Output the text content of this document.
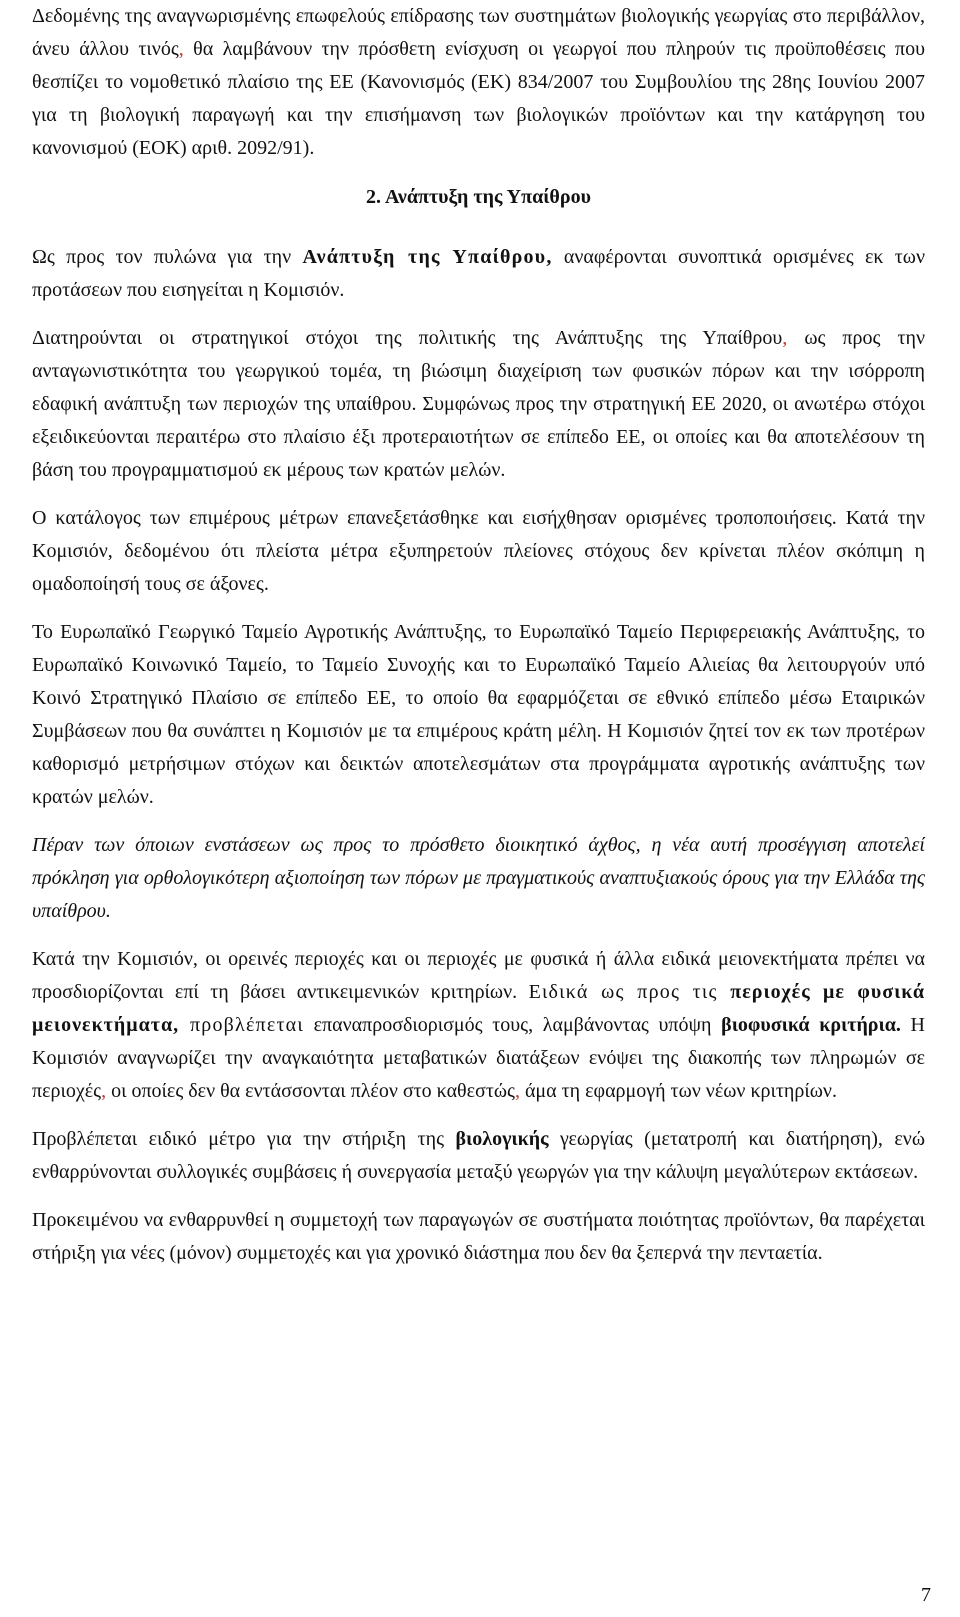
Δεδομένης της αναγνωρισμένης επωφελούς επίδρασης των συστημάτων βιολογικής γεωργίας στο περιβάλλον, άνευ άλλου τινός, θα λαμβάνουν την πρόσθετη ενίσχυση οι γεωργοί που πληρούν τις προϋποθέσεις που θεσπίζει το νομοθετικό πλαίσιο της ΕΕ (Κανονισμός (ΕΚ) 834/2007 του Συμβουλίου της 28ης Ιουνίου 2007 για τη βιολογική παραγωγή και την επισήμανση των βιολογικών προϊόντων και την κατάργηση του κανονισμού (ΕΟΚ) αριθ. 2092/91).

2. Ανάπτυξη της Υπαίθρου

Ως προς τον πυλώνα για την Ανάπτυξη της Υπαίθρου, αναφέρονται συνοπτικά ορισμένες εκ των προτάσεων που εισηγείται η Κομισιόν.

Διατηρούνται οι στρατηγικοί στόχοι της πολιτικής της Ανάπτυξης της Υπαίθρου, ως προς την ανταγωνιστικότητα του γεωργικού τομέα, τη βιώσιμη διαχείριση των φυσικών πόρων και την ισόρροπη εδαφική ανάπτυξη των περιοχών της υπαίθρου. Συμφώνως προς την στρατηγική ΕΕ 2020, οι ανωτέρω στόχοι εξειδικεύονται περαιτέρω στο πλαίσιο έξι προτεραιοτήτων σε επίπεδο ΕΕ, οι οποίες και θα αποτελέσουν τη βάση του προγραμματισμού εκ μέρους των κρατών μελών.

Ο κατάλογος των επιμέρους μέτρων επανεξετάσθηκε και εισήχθησαν ορισμένες τροποποιήσεις. Κατά την Κομισιόν, δεδομένου ότι πλείστα μέτρα εξυπηρετούν πλείονες στόχους δεν κρίνεται πλέον σκόπιμη η ομαδοποίησή τους σε άξονες.

Το Ευρωπαϊκό Γεωργικό Ταμείο Αγροτικής Ανάπτυξης, το Ευρωπαϊκό Ταμείο Περιφερειακής Ανάπτυξης, το Ευρωπαϊκό Κοινωνικό Ταμείο, το Ταμείο Συνοχής και το Ευρωπαϊκό Ταμείο Αλιείας θα λειτουργούν υπό Κοινό Στρατηγικό Πλαίσιο σε επίπεδο ΕΕ, το οποίο θα εφαρμόζεται σε εθνικό επίπεδο μέσω Εταιρικών Συμβάσεων που θα συνάπτει η Κομισιόν με τα επιμέρους κράτη μέλη. Η Κομισιόν ζητεί τον εκ των προτέρων καθορισμό μετρήσιμων στόχων και δεικτών αποτελεσμάτων στα προγράμματα αγροτικής ανάπτυξης των κρατών μελών.

Πέραν των όποιων ενστάσεων ως προς το πρόσθετο διοικητικό άχθος, η νέα αυτή προσέγγιση αποτελεί πρόκληση για ορθολογικότερη αξιοποίηση των πόρων με πραγματικούς αναπτυξιακούς όρους για την Ελλάδα της υπαίθρου.

Κατά την Κομισιόν, οι ορεινές περιοχές και οι περιοχές με φυσικά ή άλλα ειδικά μειονεκτήματα πρέπει να προσδιορίζονται επί τη βάσει αντικειμενικών κριτηρίων. Ειδικά ως προς τις περιοχές με φυσικά μειονεκτήματα, προβλέπεται επαναπροσδιορισμός τους, λαμβάνοντας υπόψη βιοφυσικά κριτήρια. Η Κομισιόν αναγνωρίζει την αναγκαιότητα μεταβατικών διατάξεων ενόψει της διακοπής των πληρωμών σε περιοχές, οι οποίες δεν θα εντάσσονται πλέον στο καθεστώς, άμα τη εφαρμογή των νέων κριτηρίων.

Προβλέπεται ειδικό μέτρο για την στήριξη της βιολογικής γεωργίας (μετατροπή και διατήρηση), ενώ ενθαρρύνονται συλλογικές συμβάσεις ή συνεργασία μεταξύ γεωργών για την κάλυψη μεγαλύτερων εκτάσεων.

Προκειμένου να ενθαρρυνθεί η συμμετοχή των παραγωγών σε συστήματα ποιότητας προϊόντων, θα παρέχεται στήριξη για νέες (μόνον) συμμετοχές και για χρονικό διάστημα που δεν θα ξεπερνά την πενταετία.

7
